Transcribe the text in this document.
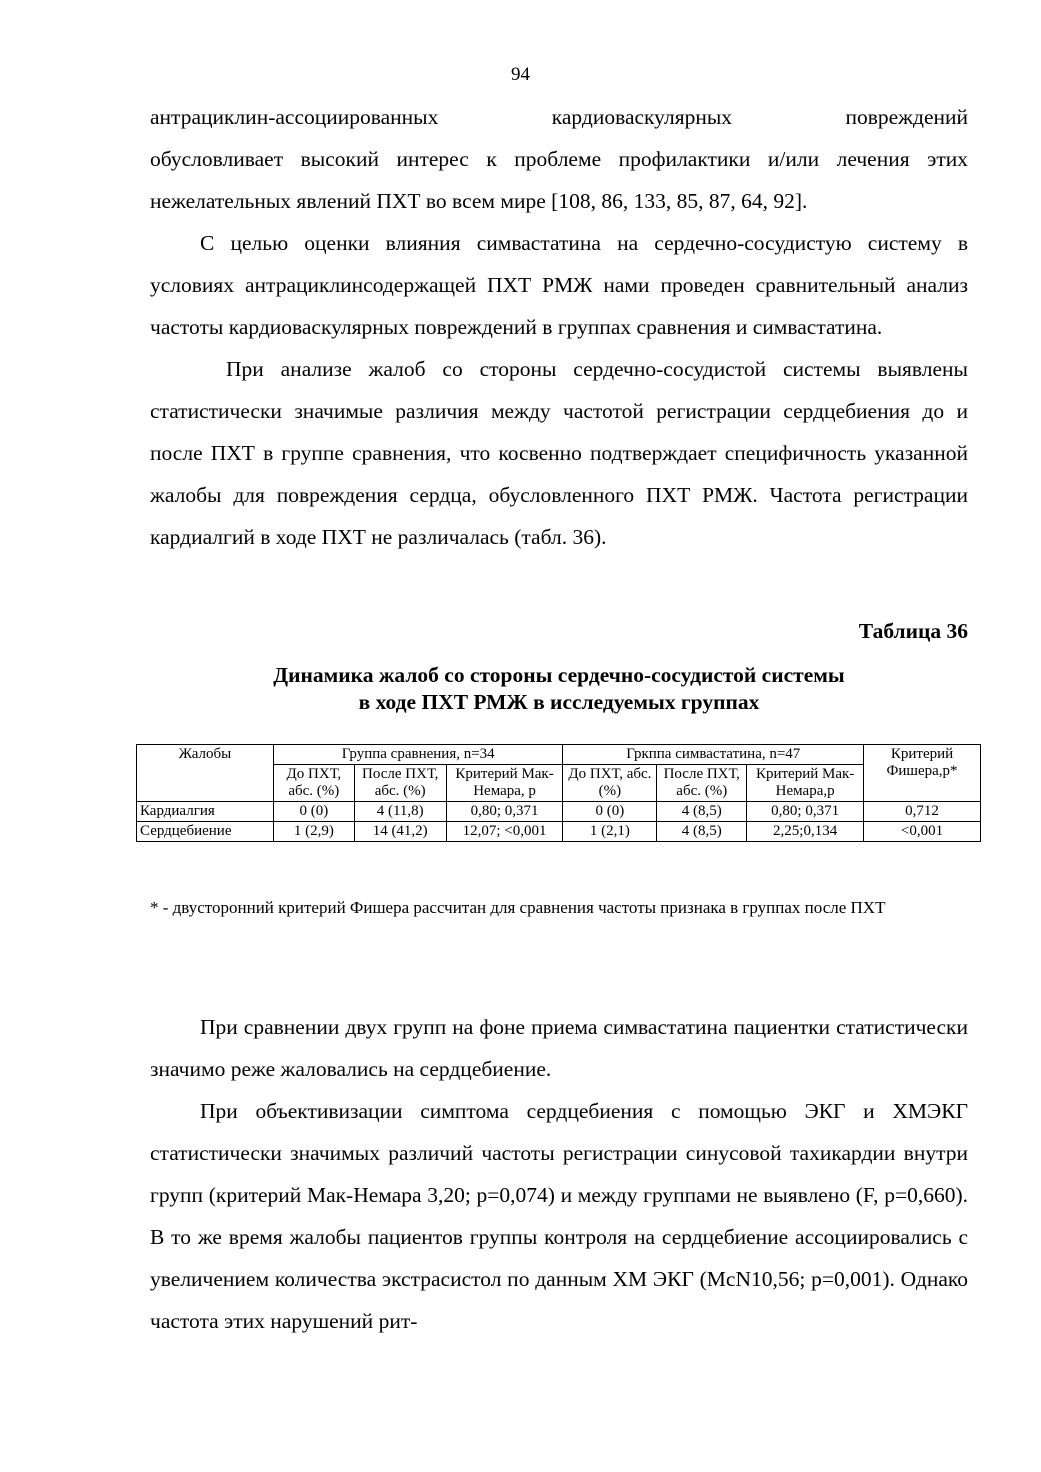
94

антрациклин-ассоциированных кардиоваскулярных повреждений

обусловливает высокий интерес к проблеме профилактики и/или лечения этих нежелательных явлений ПХТ во всем мире [108, 86, 133, 85, 87, 64, 92].

С целью оценки влияния симвастатина на сердечно-сосудистую систему в условиях антрациклинсодержащей ПХТ РМЖ нами проведен сравнительный анализ частоты кардиоваскулярных повреждений в группах сравнения и симвастатина.

При анализе жалоб со стороны сердечно-сосудистой системы выявлены статистически значимые различия между частотой регистрации сердцебиения до и после ПХТ в группе сравнения, что косвенно подтверждает специфичность указанной жалобы для повреждения сердца, обусловленного ПХТ РМЖ. Частота регистрации кардиалгий в ходе ПХТ не различалась (табл. 36).

Таблица 36
Динамика жалоб со стороны сердечно-сосудистой системы
в ходе ПХТ РМЖ в исследуемых группах
Жалобы	Группа сравнения, n=34			Гркппа симвастатина, n=47			Критерий Фишера,р*
	До ПХТ, абс. (%)	После ПХТ, абс. (%)	Критерий Мак-Немара, р	До ПХТ, абс. (%)	После ПХТ, абс. (%)	Критерий Мак-Немара,р	
Кардиалгия	0 (0)	4 (11,8)	0,80; 0,371	0 (0)	4 (8,5)	0,80; 0,371	0,712
Сердцебиение	1 (2,9)	14 (41,2)	12,07; <0,001	1 (2,1)	4 (8,5)	2,25;0,134	<0,001

* - двусторонний критерий Фишера рассчитан для сравнения частоты признака в группах после ПХТ

При сравнении двух групп на фоне приема симвастатина пациентки статистически значимо реже жаловались на сердцебиение.

При объективизации симптома сердцебиения с помощью ЭКГ и ХМЭКГ статистически значимых различий частоты регистрации синусовой тахикардии внутри групп (критерий Мак-Немара 3,20; р=0,074) и между группами не выявлено (F, р=0,660). В то же время жалобы пациентов группы контроля на сердцебиение ассоциировались с увеличением количества экстрасистол по данным ХМ ЭКГ (McN10,56; р=0,001). Однако частота этих нарушений рит-
